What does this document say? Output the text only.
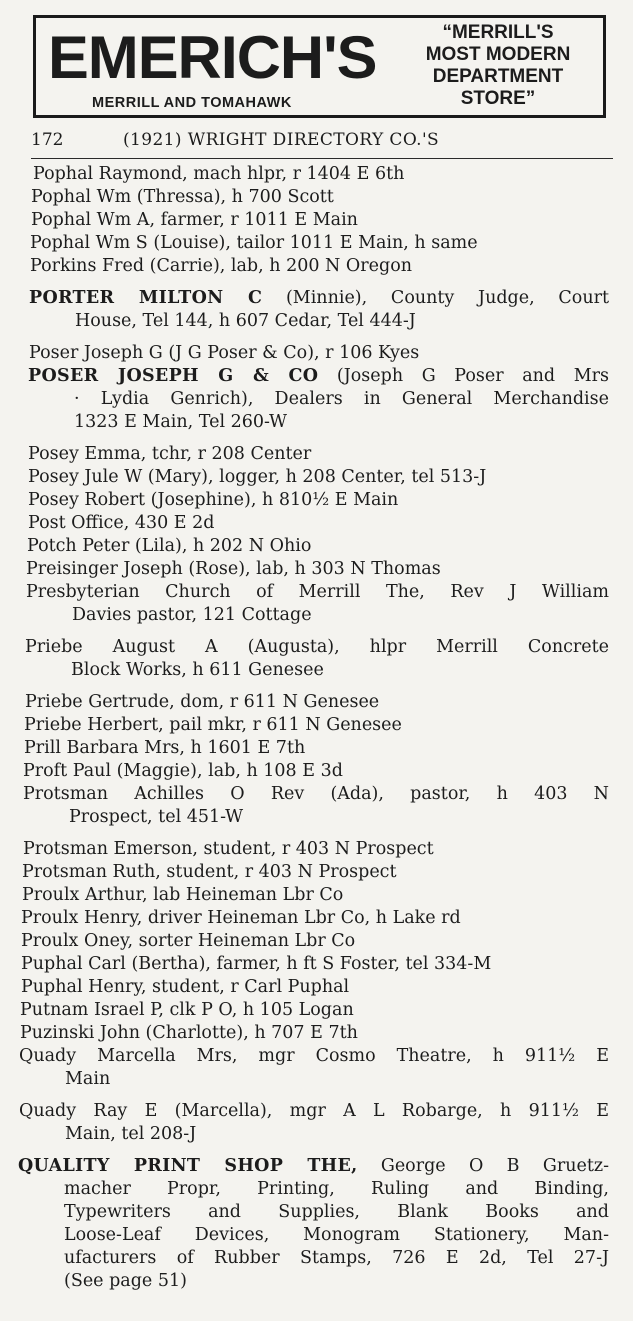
EMERICH'S
MERRILL AND TOMAHAWK
“MERRILL'S
MOST MODERN
DEPARTMENT
STORE”
172	(1921) WRIGHT DIRECTORY CO.'S
Pophal Raymond, mach hlpr, r 1404 E 6th
Pophal Wm (Thressa), h 700 Scott
Pophal Wm A, farmer, r 1011 E Main
Pophal Wm S (Louise), tailor 1011 E Main, h same
Porkins Fred (Carrie), lab, h 200 N Oregon
PORTER MILTON C (Minnie), County Judge, Court
House, Tel 144, h 607 Cedar, Tel 444-J
Poser Joseph G (J G Poser & Co), r 106 Kyes
POSER JOSEPH G & CO (Joseph G Poser and Mrs
· Lydia Genrich), Dealers in General Merchandise
1323 E Main, Tel 260-W
Posey Emma, tchr, r 208 Center
Posey Jule W (Mary), logger, h 208 Center, tel 513-J
Posey Robert (Josephine), h 810½ E Main
Post Office, 430 E 2d
Potch Peter (Lila), h 202 N Ohio
Preisinger Joseph (Rose), lab, h 303 N Thomas
Presbyterian Church of Merrill The, Rev J William
Davies pastor, 121 Cottage
Priebe August A (Augusta), hlpr Merrill Concrete
Block Works, h 611 Genesee
Priebe Gertrude, dom, r 611 N Genesee
Priebe Herbert, pail mkr, r 611 N Genesee
Prill Barbara Mrs, h 1601 E 7th
Proft Paul (Maggie), lab, h 108 E 3d
Protsman Achilles O Rev (Ada), pastor, h 403 N
Prospect, tel 451-W
Protsman Emerson, student, r 403 N Prospect
Protsman Ruth, student, r 403 N Prospect
Proulx Arthur, lab Heineman Lbr Co
Proulx Henry, driver Heineman Lbr Co, h Lake rd
Proulx Oney, sorter Heineman Lbr Co
Puphal Carl (Bertha), farmer, h ft S Foster, tel 334-M
Puphal Henry, student, r Carl Puphal
Putnam Israel P, clk P O, h 105 Logan
Puzinski John (Charlotte), h 707 E 7th
Quady Marcella Mrs, mgr Cosmo Theatre, h 911½ E
Main
Quady Ray E (Marcella), mgr A L Robarge, h 911½ E
Main, tel 208-J
QUALITY PRINT SHOP THE, George O B Gruetz-
macher Propr, Printing, Ruling and Binding,
Typewriters and Supplies, Blank Books and
Loose-Leaf Devices, Monogram Stationery, Man-
ufacturers of Rubber Stamps, 726 E 2d, Tel 27-J
(See page 51)
